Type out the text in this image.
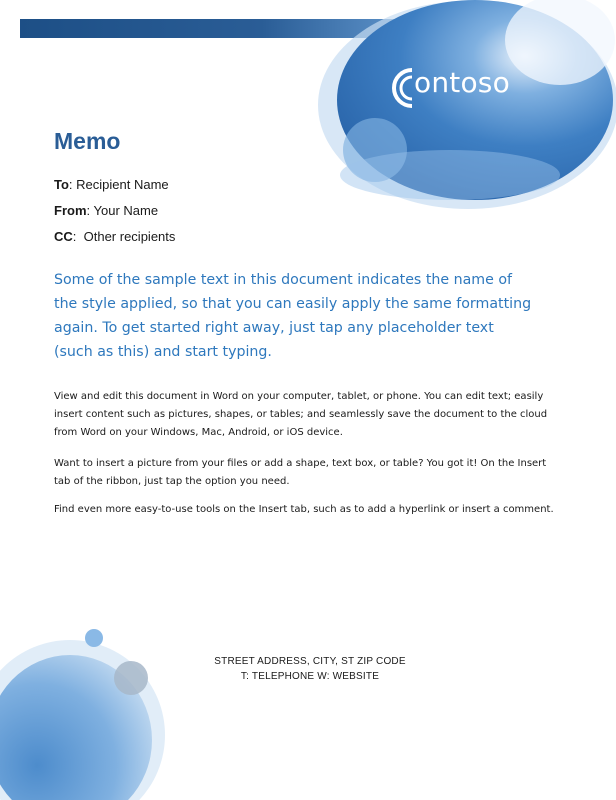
ontoso
Memo
To: Recipient Name
From: Your Name
CC:  Other recipients
Some of the sample text in this document indicates the name of the style applied, so that you can easily apply the same formatting again. To get started right away, just tap any placeholder text (such as this) and start typing.
View and edit this document in Word on your computer, tablet, or phone. You can edit text; easily insert content such as pictures, shapes, or tables; and seamlessly save the document to the cloud from Word on your Windows, Mac, Android, or iOS device.
Want to insert a picture from your files or add a shape, text box, or table? You got it! On the Insert tab of the ribbon, just tap the option you need.
Find even more easy-to-use tools on the Insert tab, such as to add a hyperlink or insert a comment.
STREET ADDRESS, CITY, ST ZIP CODE
T: TELEPHONE W: WEBSITE
